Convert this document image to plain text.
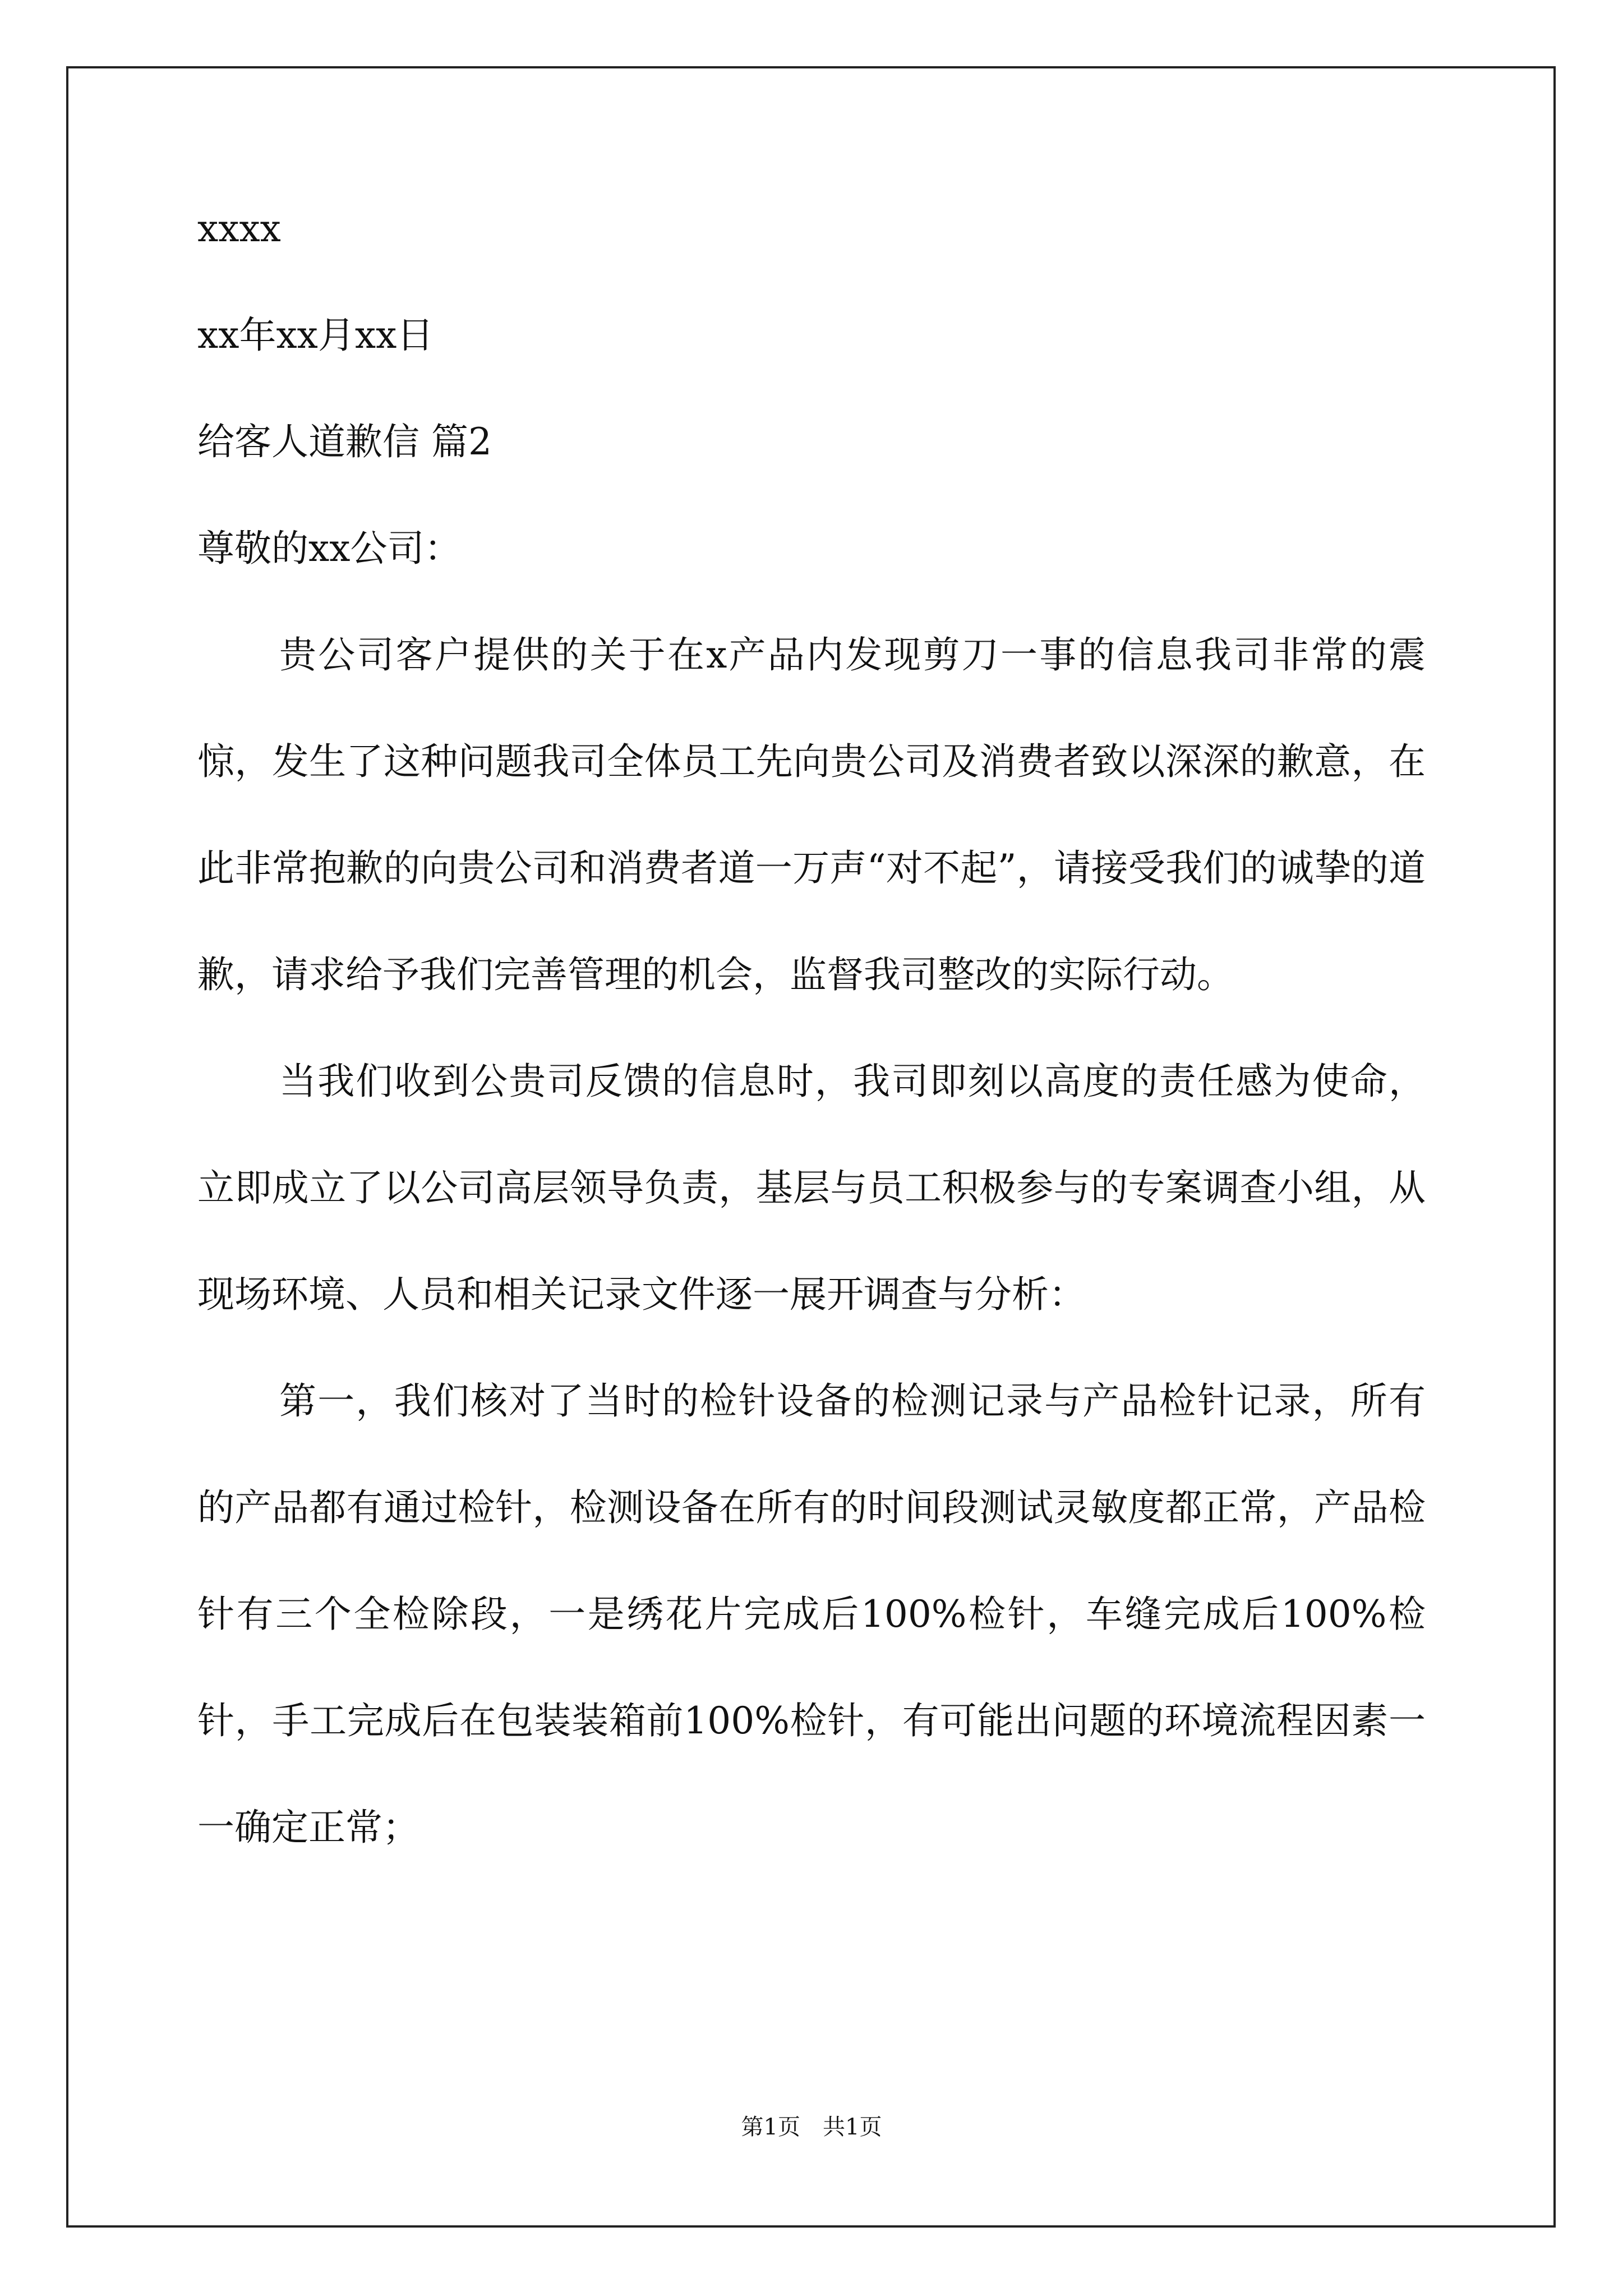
xxxx
xx年xx月xx日
给客人道歉信 篇2
尊敬的xx公司：

贵公司客户提供的关于在x产品内发现剪刀一事的信息我司非常的震惊，发生了这种问题我司全体员工先向贵公司及消费者致以深深的歉意，在此非常抱歉的向贵公司和消费者道一万声“对不起”，请接受我们的诚挚的道歉，请求给予我们完善管理的机会，监督我司整改的实际行动。

当我们收到公贵司反馈的信息时，我司即刻以高度的责任感为使命，立即成立了以公司高层领导负责，基层与员工积极参与的专案调查小组，从现场环境、人员和相关记录文件逐一展开调查与分析：

第一，我们核对了当时的检针设备的检测记录与产品检针记录，所有的产品都有通过检针，检测设备在所有的时间段测试灵敏度都正常，产品检针有三个全检除段，一是绣花片完成后100%检针，车缝完成后100%检针，手工完成后在包装装箱前100%检针，有可能出问题的环境流程因素一一确定正常；

第1页　共1页
